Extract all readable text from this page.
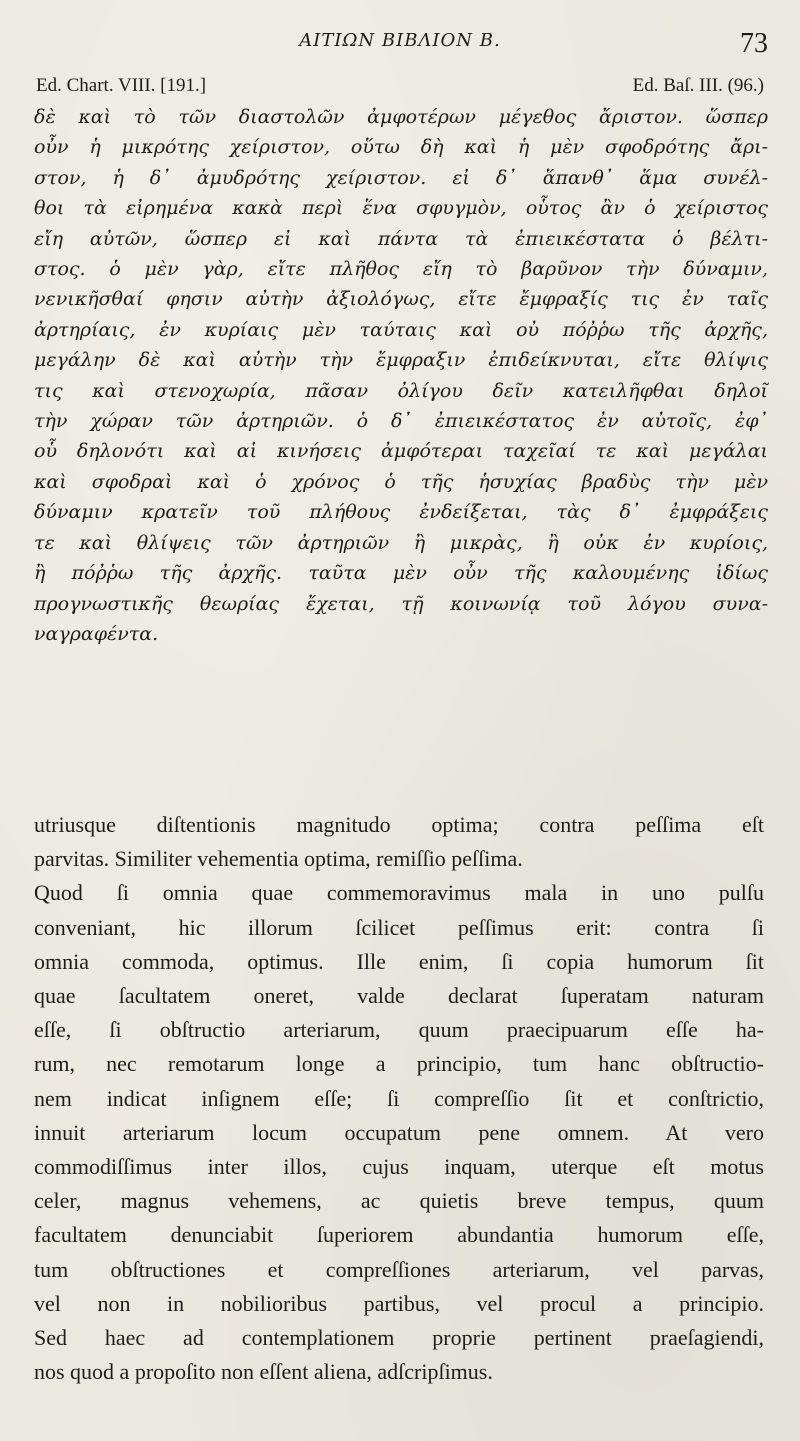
ΑΙΤΙΩΝ ΒΙΒΛΙΟΝ Β.	73
Ed. Chart. VIII. [191.]	Ed. Baſ. III. (96.)
δὲ καὶ τὸ τῶν διαστολῶν ἀμφοτέρων μέγεθος ἄριστον. ὥσπερ
οὖν ἡ μικρότης χείριστον, οὕτω δὴ καὶ ἡ μὲν σφοδρότης ἄρι-
στον, ἡ δ᾽ ἀμυδρότης χείριστον. εἰ δ᾽ ἅπανθ᾽ ἅμα συνέλ-
θοι τὰ εἰρημένα κακὰ περὶ ἕνα σφυγμὸν, οὗτος ἂν ὁ χείριστος
εἴη αὐτῶν, ὥσπερ εἰ καὶ πάντα τὰ ἐπιεικέστατα ὁ βέλτι-
στος. ὁ μὲν γὰρ, εἴτε πλῆθος εἴη τὸ βαρῦνον τὴν δύναμιν,
νενικῆσθαί φησιν αὐτὴν ἀξιολόγως, εἴτε ἔμφραξίς τις ἐν ταῖς
ἀρτηρίαις, ἐν κυρίαις μὲν ταύταις καὶ οὐ πόῤῥω τῆς ἀρχῆς,
μεγάλην δὲ καὶ αὐτὴν τὴν ἔμφραξιν ἐπιδείκνυται, εἴτε θλίψις
τις καὶ στενοχωρία, πᾶσαν ὀλίγου δεῖν κατειλῆφθαι δηλοῖ
τὴν χώραν τῶν ἀρτηριῶν. ὁ δ᾽ ἐπιεικέστατος ἐν αὐτοῖς, ἐφ᾽
οὗ δηλονότι καὶ αἱ κινήσεις ἀμφότεραι ταχεῖαί τε καὶ μεγάλαι
καὶ σφοδραὶ καὶ ὁ χρόνος ὁ τῆς ἡσυχίας βραδὺς τὴν μὲν
δύναμιν κρατεῖν τοῦ πλήθους ἐνδείξεται, τὰς δ᾽ ἐμφράξεις
τε καὶ θλίψεις τῶν ἀρτηριῶν ἢ μικρὰς, ἢ οὐκ ἐν κυρίοις,
ἢ πόῤῥω τῆς ἀρχῆς. ταῦτα μὲν οὖν τῆς καλουμένης ἰδίως
προγνωστικῆς θεωρίας ἔχεται, τῇ κοινωνίᾳ τοῦ λόγου συνα-
ναγραφέντα.
utriusque diſtentionis magnitudo optima; contra peſſima eſt
parvitas. Similiter vehementia optima, remiſſio peſſima.
Quod ſi omnia quae commemoravimus mala in uno pulſu
conveniant, hic illorum ſcilicet peſſimus erit: contra ſi
omnia commoda, optimus. Ille enim, ſi copia humorum ſit
quae ſacultatem oneret, valde declarat ſuperatam naturam
eſſe, ſi obſtructio arteriarum, quum praecipuarum eſſe ha-
rum, nec remotarum longe a principio, tum hanc obſtructio-
nem indicat inſignem eſſe; ſi compreſſio ſit et conſtrictio,
innuit arteriarum locum occupatum pene omnem. At vero
commodiſſimus inter illos, cujus inquam, uterque eſt motus
celer, magnus vehemens, ac quietis breve tempus, quum
facultatem denunciabit ſuperiorem abundantia humorum eſſe,
tum obſtructiones et compreſſiones arteriarum, vel parvas,
vel non in nobilioribus partibus, vel procul a principio.
Sed haec ad contemplationem proprie pertinent praeſagiendi,
nos quod a propoſito non eſſent aliena, adſcripſimus.
